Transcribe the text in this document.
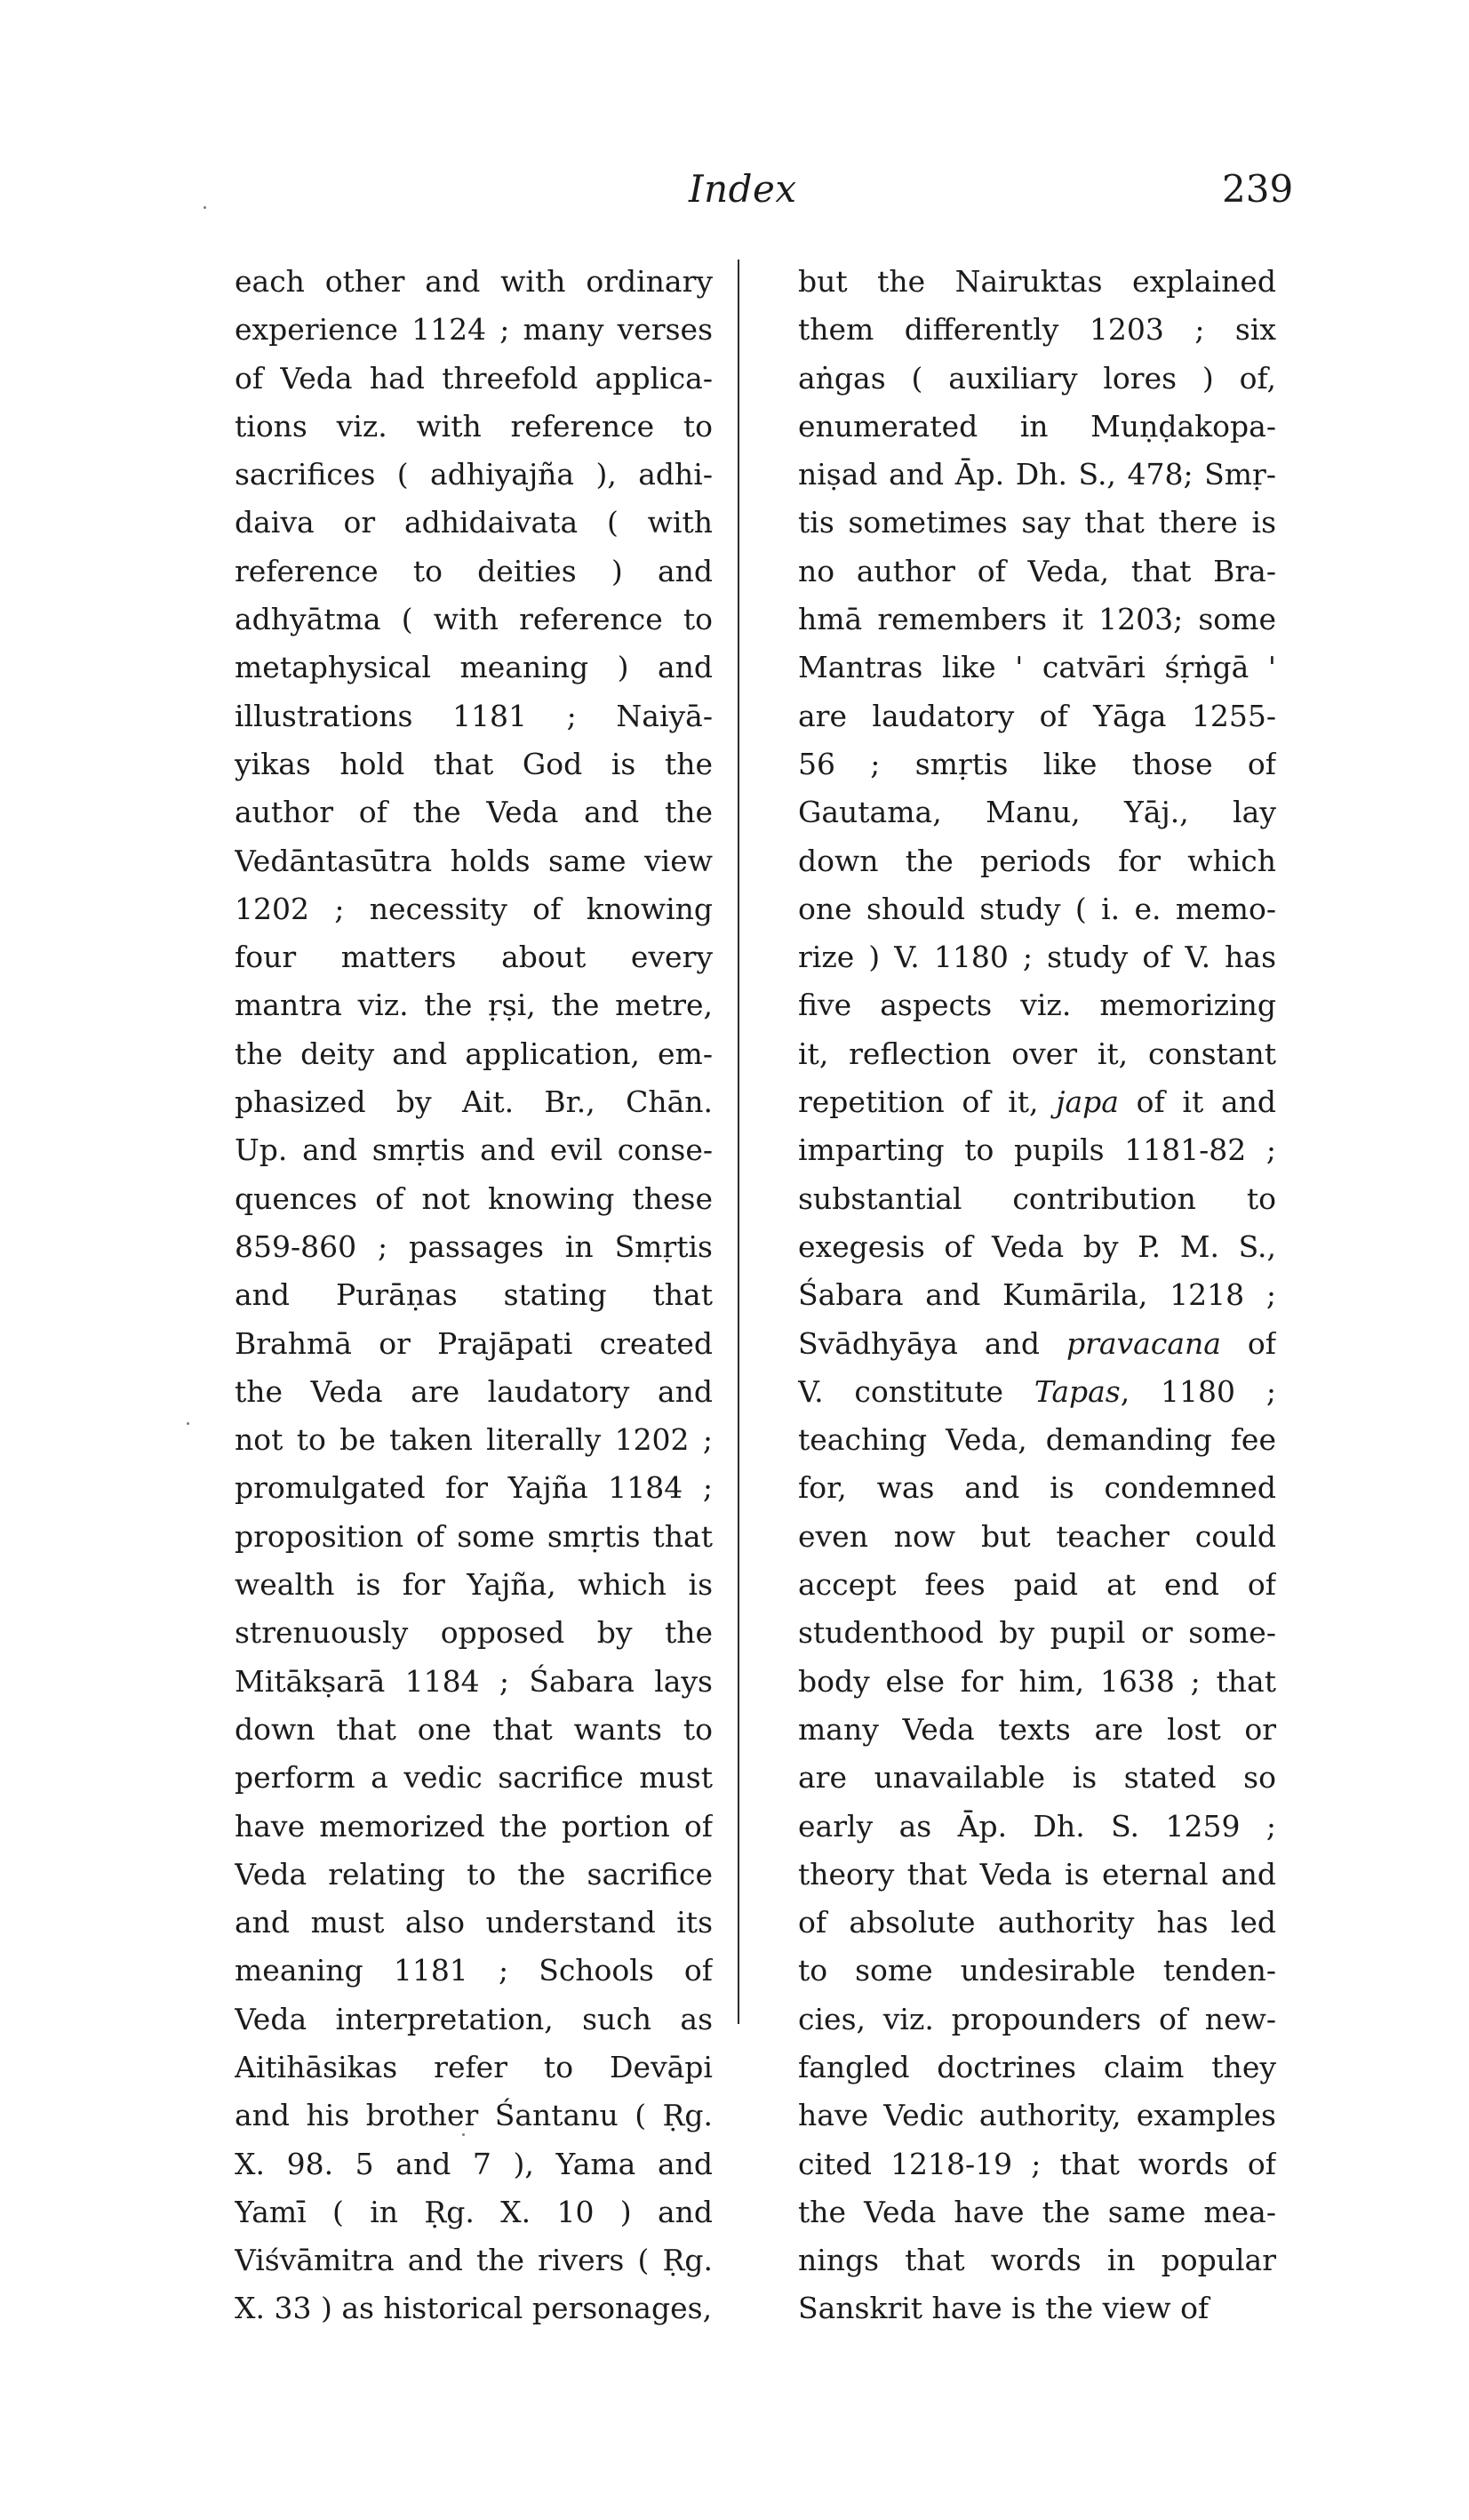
Index	239
each other and with ordinary
experience 1124 ; many verses
of Veda had threefold applica-
tions viz. with reference to
sacrifices ( adhiyajña ), adhi-
daiva or adhidaivata ( with
reference to deities ) and
adhyātma ( with reference to
metaphysical meaning ) and
illustrations 1181 ; Naiyā-
yikas hold that God is the
author of the Veda and the
Vedāntasūtra holds same view
1202 ; necessity of knowing
four matters about every
mantra viz. the ṛṣi, the metre,
the deity and application, em-
phasized by Ait. Br., Chān.
Up. and smṛtis and evil conse-
quences of not knowing these
859-860 ; passages in Smṛtis
and Purāṇas stating that
Brahmā or Prajāpati created
the Veda are laudatory and
not to be taken literally 1202 ;
promulgated for Yajña 1184 ;
proposition of some smṛtis that
wealth is for Yajña, which is
strenuously opposed by the
Mitākṣarā 1184 ; Śabara lays
down that one that wants to
perform a vedic sacrifice must
have memorized the portion of
Veda relating to the sacrifice
and must also understand its
meaning 1181 ; Schools of
Veda interpretation, such as
Aitihāsikas refer to Devāpi
and his brother Śantanu ( Ṛg.
X. 98. 5 and 7 ), Yama and
Yamī ( in Ṛg. X. 10 ) and
Viśvāmitra and the rivers ( Ṛg.
X. 33 ) as historical personages,
but the Nairuktas explained
them differently 1203 ; six
aṅgas ( auxiliary lores ) of,
enumerated in Muṇḍakopa-
niṣad and Āp. Dh. S., 478; Smṛ-
tis sometimes say that there is
no author of Veda, that Bra-
hmā remembers it 1203; some
Mantras like ' catvāri śṛṅgā '
are laudatory of Yāga 1255-
56 ; smṛtis like those of
Gautama, Manu, Yāj., lay
down the periods for which
one should study ( i. e. memo-
rize ) V. 1180 ; study of V. has
five aspects viz. memorizing
it, reflection over it, constant
repetition of it, japa of it and
imparting to pupils 1181-82 ;
substantial contribution to
exegesis of Veda by P. M. S.,
Śabara and Kumārila, 1218 ;
Svādhyāya and pravacana of
V. constitute Tapas, 1180 ;
teaching Veda, demanding fee
for, was and is condemned
even now but teacher could
accept fees paid at end of
studenthood by pupil or some-
body else for him, 1638 ; that
many Veda texts are lost or
are unavailable is stated so
early as Āp. Dh. S. 1259 ;
theory that Veda is eternal and
of absolute authority has led
to some undesirable tenden-
cies, viz. propounders of new-
fangled doctrines claim they
have Vedic authority, examples
cited 1218-19 ; that words of
the Veda have the same mea-
nings that words in popular
Sanskrit have is the view of
